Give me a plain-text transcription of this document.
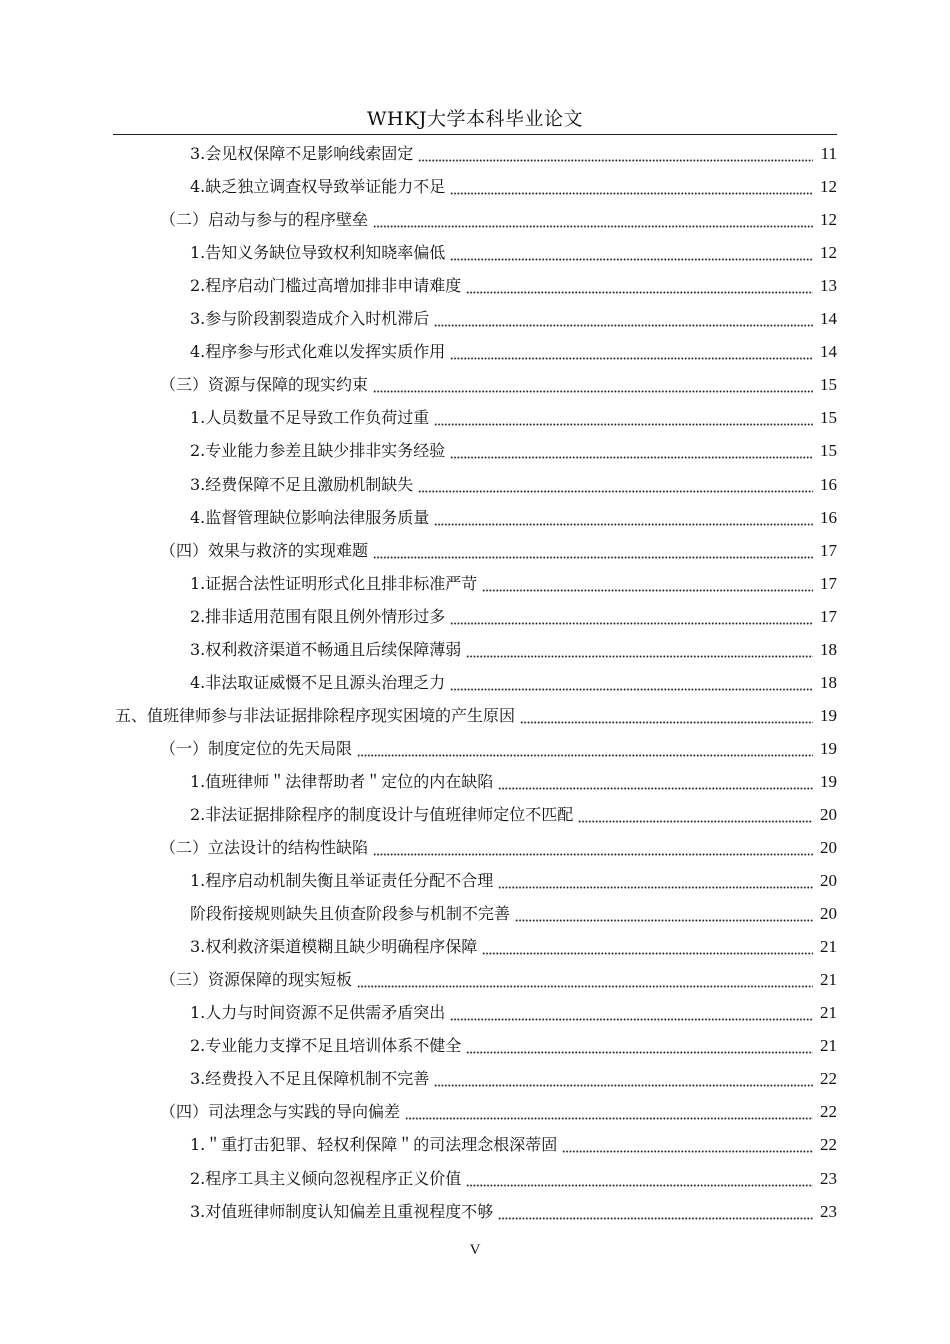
WHKJ大学本科毕业论文
3.会见权保障不足影响线索固定	11
4.缺乏独立调查权导致举证能力不足	12
（二）启动与参与的程序壁垒	12
1.告知义务缺位导致权利知晓率偏低	12
2.程序启动门槛过高增加排非申请难度	13
3.参与阶段割裂造成介入时机滞后	14
4.程序参与形式化难以发挥实质作用	14
（三）资源与保障的现实约束	15
1.人员数量不足导致工作负荷过重	15
2.专业能力参差且缺少排非实务经验	15
3.经费保障不足且激励机制缺失	16
4.监督管理缺位影响法律服务质量	16
（四）效果与救济的实现难题	17
1.证据合法性证明形式化且排非标准严苛	17
2.排非适用范围有限且例外情形过多	17
3.权利救济渠道不畅通且后续保障薄弱	18
4.非法取证威慑不足且源头治理乏力	18
五、值班律师参与非法证据排除程序现实困境的产生原因	19
（一）制度定位的先天局限	19
1.值班律师＂法律帮助者＂定位的内在缺陷	19
2.非法证据排除程序的制度设计与值班律师定位不匹配	20
（二）立法设计的结构性缺陷	20
1.程序启动机制失衡且举证责任分配不合理	20
阶段衔接规则缺失且侦查阶段参与机制不完善	20
3.权利救济渠道模糊且缺少明确程序保障	21
（三）资源保障的现实短板	21
1.人力与时间资源不足供需矛盾突出	21
2.专业能力支撑不足且培训体系不健全	21
3.经费投入不足且保障机制不完善	22
（四）司法理念与实践的导向偏差	22
1.＂重打击犯罪、轻权利保障＂的司法理念根深蒂固	22
2.程序工具主义倾向忽视程序正义价值	23
3.对值班律师制度认知偏差且重视程度不够	23
V
